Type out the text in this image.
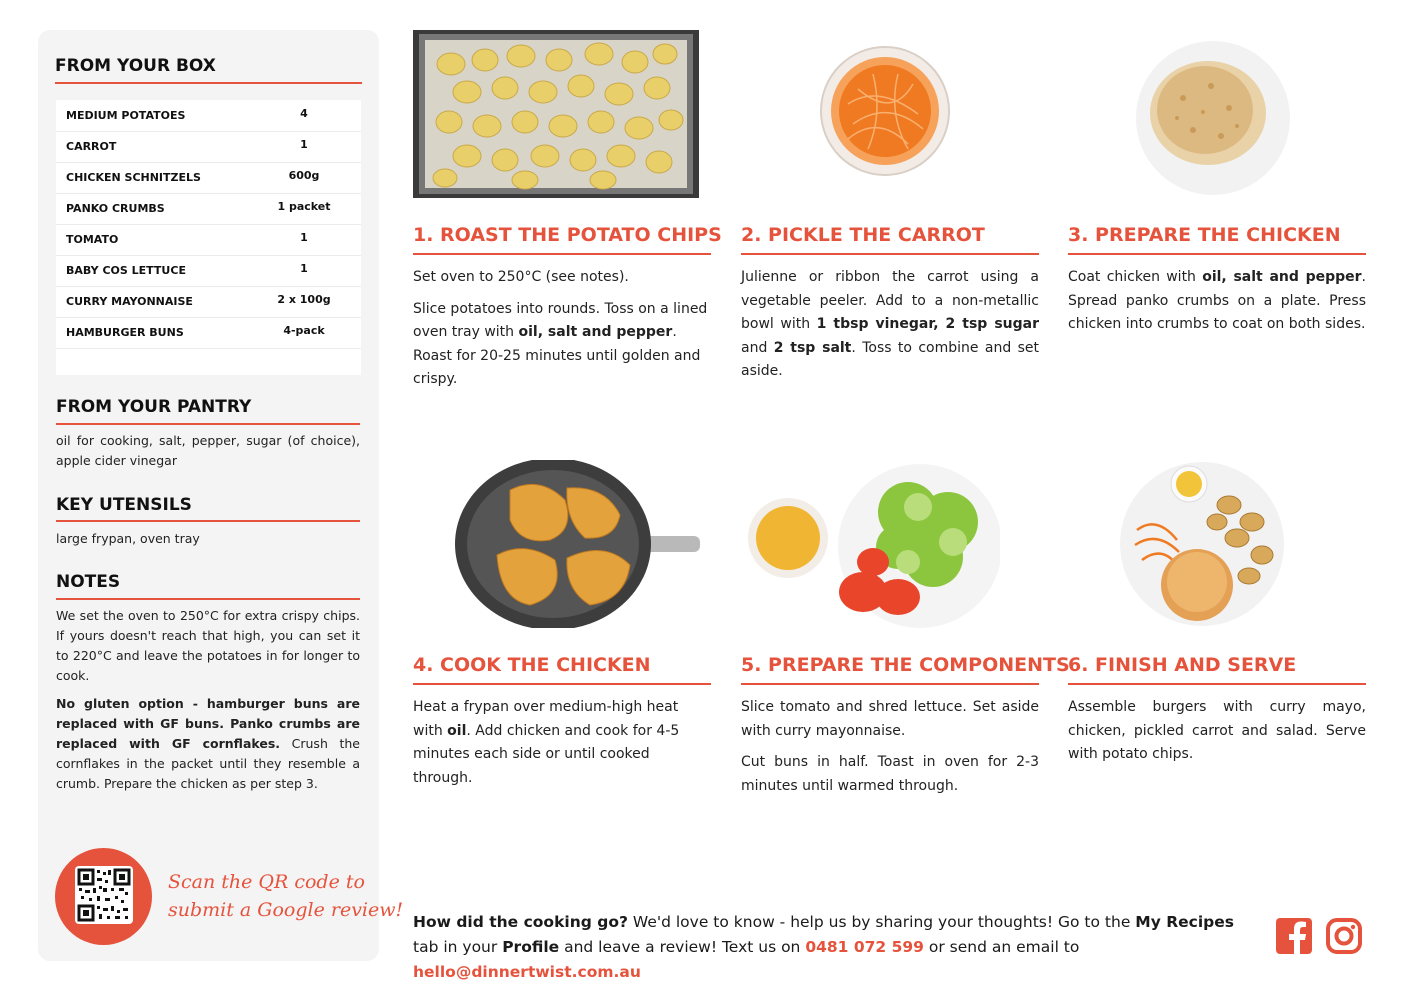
FROM YOUR BOX
MEDIUM POTATOES	4
CARROT	1
CHICKEN SCHNITZELS	600g
PANKO CRUMBS	1 packet
TOMATO	1
BABY COS LETTUCE	1
CURRY MAYONNAISE	2 x 100g
HAMBURGER BUNS	4-pack
FROM YOUR PANTRY
oil for cooking, salt, pepper, sugar (of choice), apple cider vinegar
KEY UTENSILS
large frypan, oven tray
NOTES
We set the oven to 250°C for extra crispy chips. If yours doesn't reach that high, you can set it to 220°C and leave the potatoes in for longer to cook.
No gluten option - hamburger buns are replaced with GF buns. Panko crumbs are replaced with GF cornflakes. Crush the cornflakes in the packet until they resemble a crumb. Prepare the chicken as per step 3.
Scan the QR code to
submit a Google review!
1. ROAST THE POTATO CHIPS

Set oven to 250°C (see notes).

Slice potatoes into rounds. Toss on a lined oven tray with oil, salt and pepper. Roast for 20-25 minutes until golden and crispy.

2. PICKLE THE CARROT

Julienne or ribbon the carrot using a vegetable peeler. Add to a non-metallic bowl with 1 tbsp vinegar, 2 tsp sugar and 2 tsp salt. Toss to combine and set aside.

3. PREPARE THE CHICKEN

Coat chicken with oil, salt and pepper. Spread panko crumbs on a plate. Press chicken into crumbs to coat on both sides.

4. COOK THE CHICKEN

Heat a frypan over medium-high heat with oil. Add chicken and cook for 4-5 minutes each side or until cooked through.

5. PREPARE THE COMPONENTS

Slice tomato and shred lettuce. Set aside with curry mayonnaise.

Cut buns in half. Toast in oven for 2-3 minutes until warmed through.

6. FINISH AND SERVE

Assemble burgers with curry mayo, chicken, pickled carrot and salad. Serve with potato chips.

How did the cooking go? We'd love to know - help us by sharing your thoughts! Go to the My Recipes tab in your Profile and leave a review! Text us on 0481 072 599 or send an email to hello@dinnertwist.com.au
